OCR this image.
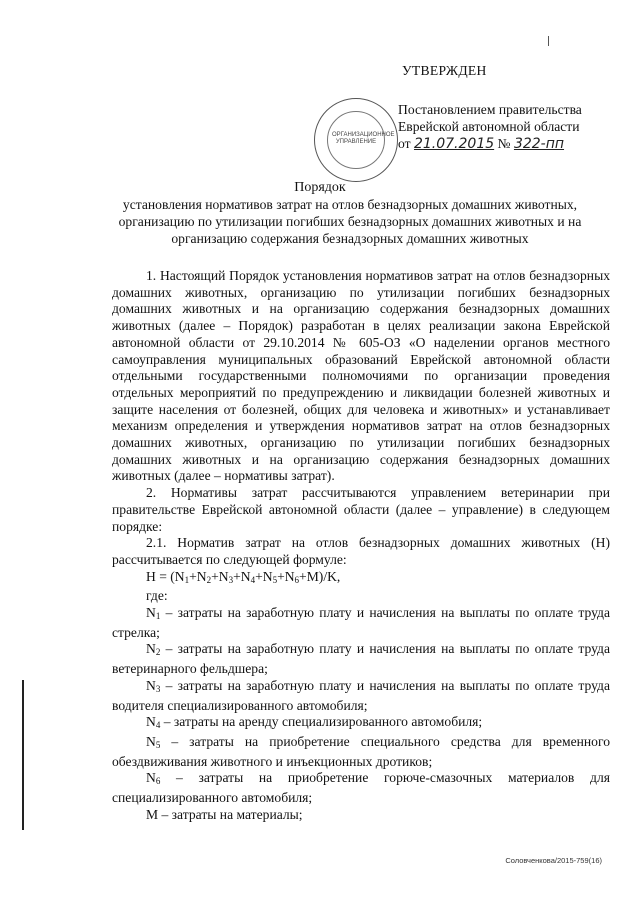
УТВЕРЖДЕН
Постановлением правительства
Еврейской автономной области
от 21.07.2015 № 322-пп
ОРГАНИЗАЦИОННОЕ УПРАВЛЕНИЕ
Порядок
установления нормативов затрат на отлов безнадзорных домашних животных, организацию по утилизации погибших безнадзорных домашних животных и на организацию содержания безнадзорных домашних животных

1. Настоящий Порядок установления нормативов затрат на отлов безнадзорных домашних животных, организацию по утилизации погибших безнадзорных домашних животных и на организацию содержания безнадзорных домашних животных (далее – Порядок) разработан в целях реализации закона Еврейской автономной области от 29.10.2014 № 605-ОЗ «О наделении органов местного самоуправления муниципальных образований Еврейской автономной области отдельными государственными полномочиями по организации проведения отдельных мероприятий по предупреждению и ликвидации болезней животных и защите населения от болезней, общих для человека и животных» и устанавливает механизм определения и утверждения нормативов затрат на отлов безнадзорных домашних животных, организацию по утилизации погибших безнадзорных домашних животных и на организацию содержания безнадзорных домашних животных (далее – нормативы затрат).

2. Нормативы затрат рассчитываются управлением ветеринарии при правительстве Еврейской автономной области (далее – управление) в следующем порядке:

2.1. Норматив затрат на отлов безнадзорных домашних животных (Н) рассчитывается по следующей формуле:

$Н = (N_1+N_2+N_3+N_4+N_5+N_6+M)/K$,

где:

$N_1$ – затраты на заработную плату и начисления на выплаты по оплате труда стрелка;

$N_2$ – затраты на заработную плату и начисления на выплаты по оплате труда ветеринарного фельдшера;

$N_3$ – затраты на заработную плату и начисления на выплаты по оплате труда водителя специализированного автомобиля;

$N_4$ – затраты на аренду специализированного автомобиля;

$N_5$ – затраты на приобретение специального средства для временного обездвиживания животного и инъекционных дротиков;

$N_6$ – затраты на приобретение горюче-смазочных материалов для специализированного автомобиля;

М – затраты на материалы;

Соловченкова/2015-759(16)
